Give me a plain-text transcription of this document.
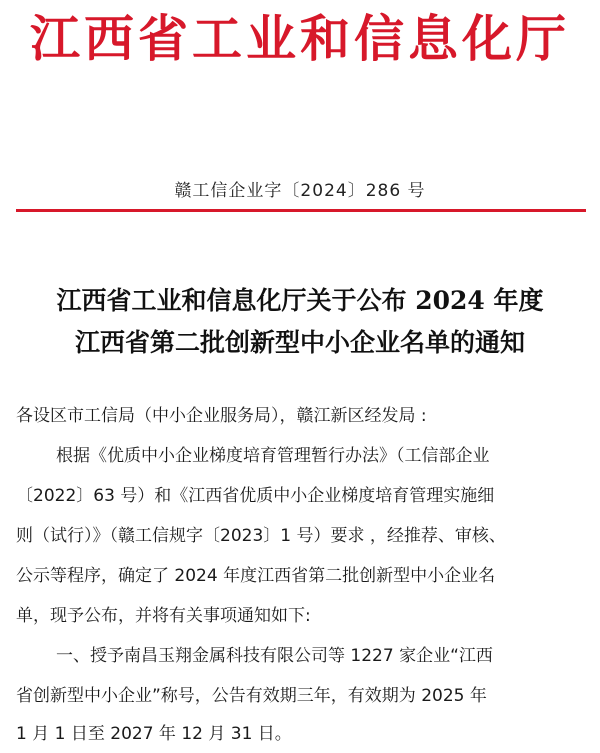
江西省工业和信息化厅
赣工信企业字〔2024〕286 号
江西省工业和信息化厅关于公布 2024 年度
江西省第二批创新型中小企业名单的通知
各设区市工信局（中小企业服务局），赣江新区经发局 :
根据《优质中小企业梯度培育管理暂行办法》（工信部企业
〔2022〕63 号）和《江西省优质中小企业梯度培育管理实施细
则（试行）》（赣工信规字〔2023〕1 号）要求 ，经推荐、审核、
公示等程序，确定了 2024 年度江西省第二批创新型中小企业名
单，现予公布，并将有关事项通知如下:
一、授予南昌玉翔金属科技有限公司等 1227 家企业“江西
省创新型中小企业”称号，公告有效期三年，有效期为 2025 年
1 月 1 日至 2027 年 12 月 31 日。
